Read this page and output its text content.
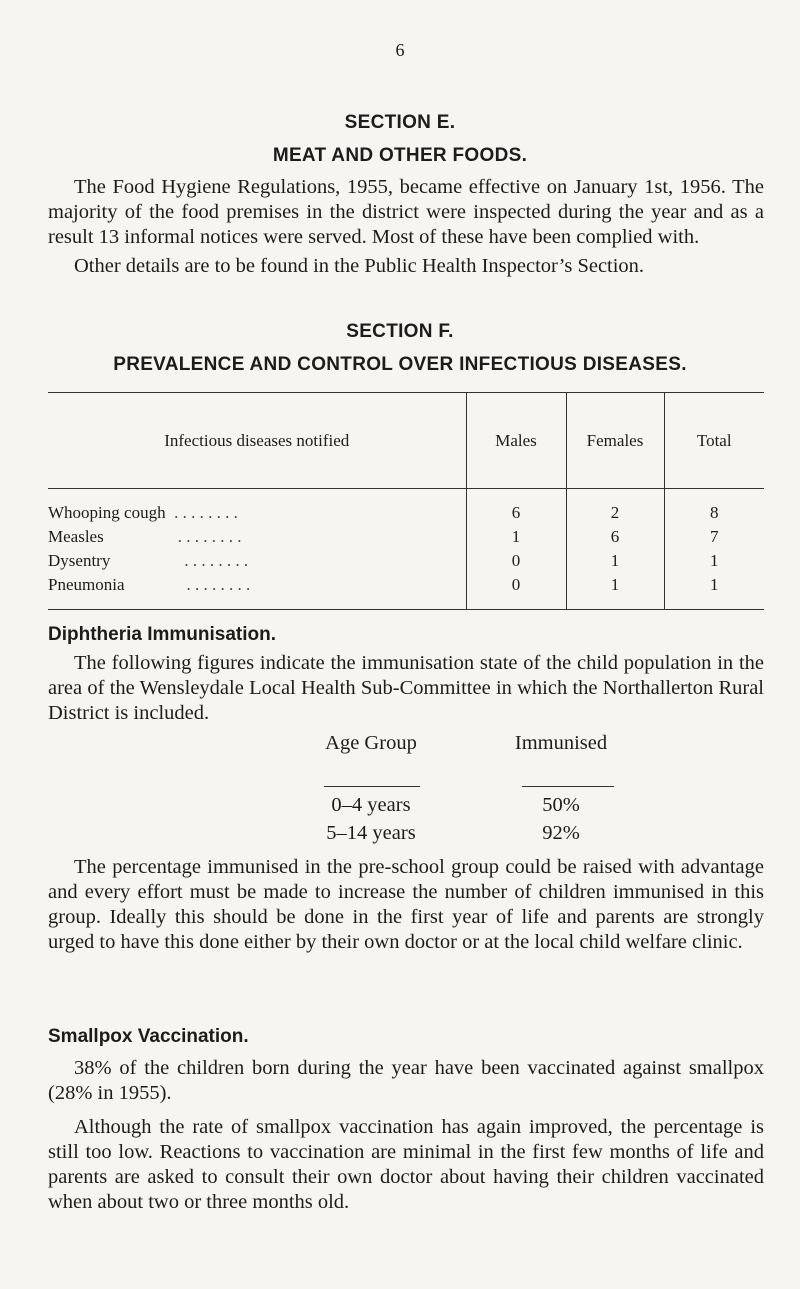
6
SECTION E.
MEAT AND OTHER FOODS.
The Food Hygiene Regulations, 1955, became effective on January 1st, 1956. The majority of the food premises in the district were inspected during the year and as a result 13 informal notices were served. Most of these have been complied with.
Other details are to be found in the Public Health Inspector’s Section.
SECTION F.
PREVALENCE AND CONTROL OVER INFECTIOUS DISEASES.
Infectious diseases notified	Males	Females	Total
Whooping cough . . . . . . . .	6	2	8
Measles . . . . . . . .	1	6	7
Dysentry . . . . . . . .	0	1	1
Pneumonia . . . . . . . .	0	1	1
Diphtheria Immunisation.
The following figures indicate the immunisation state of the child population in the area of the Wensleydale Local Health Sub-Committee in which the Northallerton Rural District is included.
Age Group	Immunised
0–4 years	50%
5–14 years	92%
The percentage immunised in the pre-school group could be raised with advantage and every effort must be made to increase the number of children immunised in this group. Ideally this should be done in the first year of life and parents are strongly urged to have this done either by their own doctor or at the local child welfare clinic.
Smallpox Vaccination.
38% of the children born during the year have been vaccinated against smallpox (28% in 1955).
Although the rate of smallpox vaccination has again improved, the percentage is still too low. Reactions to vaccination are minimal in the first few months of life and parents are asked to consult their own doctor about having their children vaccinated when about two or three months old.
